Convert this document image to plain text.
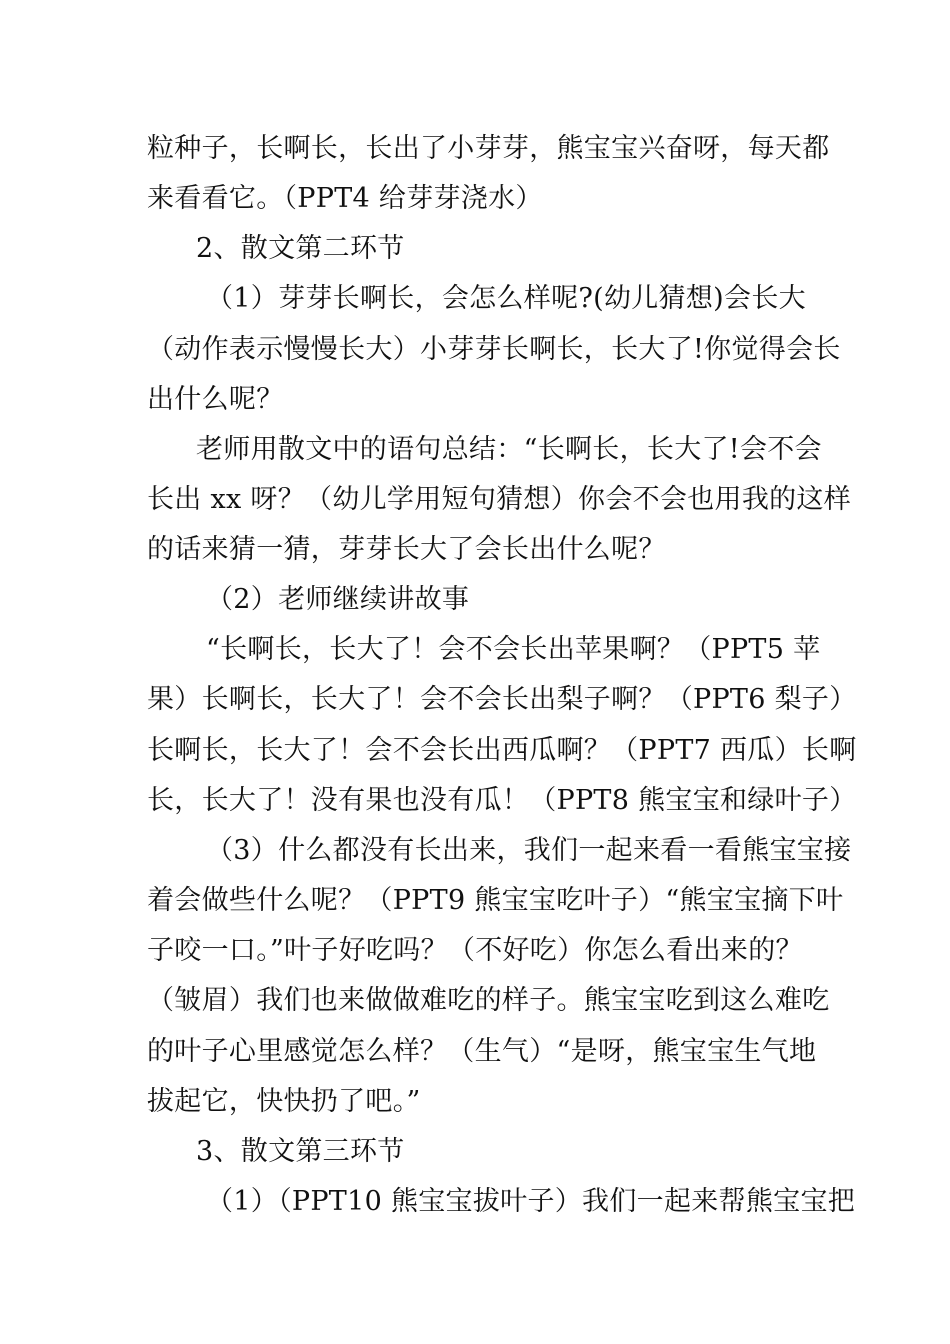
粒种子，长啊长，长出了小芽芽，熊宝宝兴奋呀，每天都
来看看它。（PPT4 给芽芽浇水）
2、散文第二环节
（1）芽芽长啊长，会怎么样呢?(幼儿猜想)会长大
（动作表示慢慢长大）小芽芽长啊长，长大了!你觉得会长
出什么呢？
老师用散文中的语句总结：“长啊长，长大了!会不会
长出 xx 呀？（幼儿学用短句猜想）你会不会也用我的这样
的话来猜一猜，芽芽长大了会长出什么呢？
（2）老师继续讲故事
“长啊长，长大了！会不会长出苹果啊？（PPT5 苹
果）长啊长，长大了！会不会长出梨子啊？（PPT6 梨子）
长啊长，长大了！会不会长出西瓜啊？（PPT7 西瓜）长啊
长，长大了！没有果也没有瓜！（PPT8 熊宝宝和绿叶子）
（3）什么都没有长出来，我们一起来看一看熊宝宝接
着会做些什么呢？（PPT9 熊宝宝吃叶子）“熊宝宝摘下叶
子咬一口。”叶子好吃吗？（不好吃）你怎么看出来的？
（皱眉）我们也来做做难吃的样子。熊宝宝吃到这么难吃
的叶子心里感觉怎么样？（生气）“是呀，熊宝宝生气地
拔起它，快快扔了吧。”
3、散文第三环节
（1）（PPT10 熊宝宝拔叶子）我们一起来帮熊宝宝把
